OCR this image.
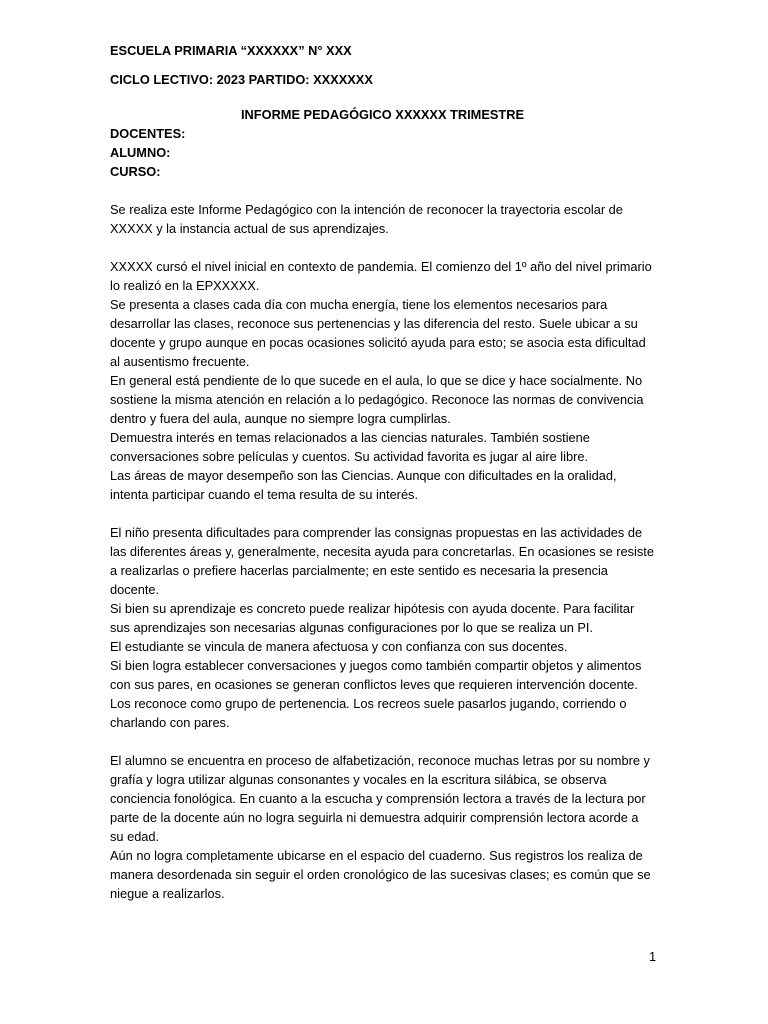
ESCUELA PRIMARIA “XXXXXX” N° XXX
CICLO LECTIVO: 2023 PARTIDO: XXXXXXX
INFORME PEDAGÓGICO XXXXXX TRIMESTRE
DOCENTES:
ALUMNO:
CURSO:
Se realiza este Informe Pedagógico con la intención de reconocer la trayectoria escolar de
XXXXX y la instancia actual de sus aprendizajes.
XXXXX cursó el nivel inicial en contexto de pandemia. El comienzo del 1º año del nivel primario
lo realizó en la EPXXXXX.
Se presenta a clases cada día con mucha energía, tiene los elementos necesarios para
desarrollar las clases, reconoce sus pertenencias y las diferencia del resto. Suele ubicar a su
docente y grupo aunque en pocas ocasiones solicitó ayuda para esto; se asocia esta dificultad
al ausentismo frecuente.
En general está pendiente de lo que sucede en el aula, lo que se dice y hace socialmente. No
sostiene la misma atención en relación a lo pedagógico. Reconoce las normas de convivencia
dentro y fuera del aula, aunque no siempre logra cumplirlas.
Demuestra interés en temas relacionados a las ciencias naturales. También sostiene
conversaciones sobre películas y cuentos. Su actividad favorita es jugar al aire libre.
Las áreas de mayor desempeño son las Ciencias. Aunque con dificultades en la oralidad,
intenta participar cuando el tema resulta de su interés.
El niño presenta dificultades para comprender las consignas propuestas en las actividades de
las diferentes áreas y, generalmente, necesita ayuda para concretarlas. En ocasiones se resiste
a realizarlas o prefiere hacerlas parcialmente; en este sentido es necesaria la presencia
docente.
Si bien su aprendizaje es concreto puede realizar hipótesis con ayuda docente. Para facilitar
sus aprendizajes son necesarias algunas configuraciones por lo que se realiza un PI.
El estudiante se vincula de manera afectuosa y con confianza con sus docentes.
Si bien logra establecer conversaciones y juegos como también compartir objetos y alimentos
con sus pares, en ocasiones se generan conflictos leves que requieren intervención docente.
Los reconoce como grupo de pertenencia. Los recreos suele pasarlos jugando, corriendo o
charlando con pares.
El alumno se encuentra en proceso de alfabetización, reconoce muchas letras por su nombre y
grafía y logra utilizar algunas consonantes y vocales en la escritura silábica, se observa
conciencia fonológica. En cuanto a la escucha y comprensión lectora a través de la lectura por
parte de la docente aún no logra seguirla ni demuestra adquirir comprensión lectora acorde a
su edad.
Aún no logra completamente ubicarse en el espacio del cuaderno. Sus registros los realiza de
manera desordenada sin seguir el orden cronológico de las sucesivas clases; es común que se
niegue a realizarlos.
1
